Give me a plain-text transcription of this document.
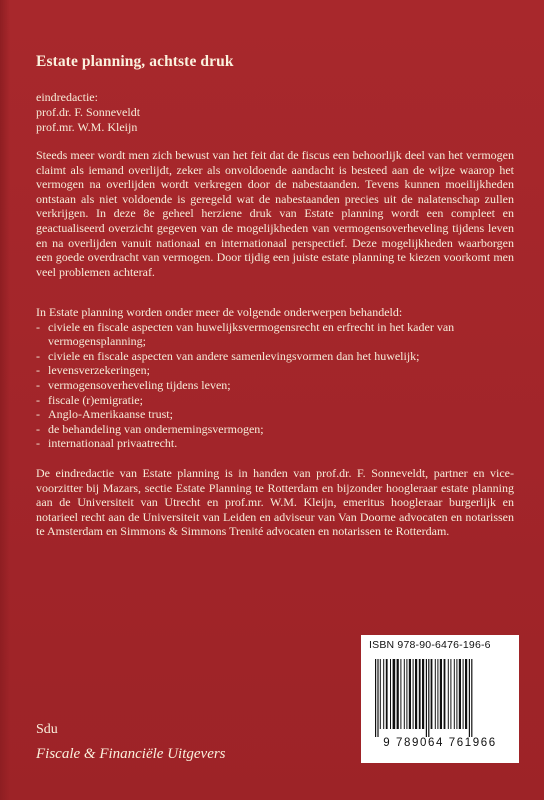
Estate planning, achtste druk
eindredactie:
prof.dr. F. Sonneveldt
prof.mr. W.M. Kleijn

Steeds meer wordt men zich bewust van het feit dat de fiscus een behoorlijk deel van het vermogen claimt als iemand overlijdt, zeker als onvoldoende aandacht is besteed aan de wijze waarop het vermogen na overlijden wordt verkregen door de nabestaanden. Tevens kunnen moeilijkheden ontstaan als niet voldoende is geregeld wat de nabestaanden precies uit de nalatenschap zullen verkrijgen. In deze 8e geheel herziene druk van Estate planning wordt een compleet en geactualiseerd overzicht gegeven van de mogelijkheden van vermogensoverheveling tijdens leven en na overlijden vanuit nationaal en internationaal perspectief. Deze mogelijkheden waarborgen een goede overdracht van vermogen. Door tijdig een juiste estate planning te kiezen voorkomt men veel problemen achteraf.

In Estate planning worden onder meer de volgende onderwerpen behandeld:
- civiele en fiscale aspecten van huwelijksvermogensrecht en erfrecht in het kader van vermogensplanning;
- civiele en fiscale aspecten van andere samenlevingsvormen dan het huwelijk;
- levensverzekeringen;
- vermogensoverheveling tijdens leven;
- fiscale (r)emigratie;
- Anglo-Amerikaanse trust;
- de behandeling van ondernemingsvermogen;
- internationaal privaatrecht.

De eindredactie van Estate planning is in handen van prof.dr. F. Sonneveldt, partner en vice-voorzitter bij Mazars, sectie Estate Planning te Rotterdam en bijzonder hoogleraar estate planning aan de Universiteit van Utrecht en prof.mr. W.M. Kleijn, emeritus hoogleraar burgerlijk en notarieel recht aan de Universiteit van Leiden en adviseur van Van Doorne advocaten en notarissen te Amsterdam en Simmons & Simmons Trenité advocaten en notarissen te Rotterdam.

ISBN 978-90-6476-196-6

9 789064 761966

Sdu
Fiscale & Financiële Uitgevers
